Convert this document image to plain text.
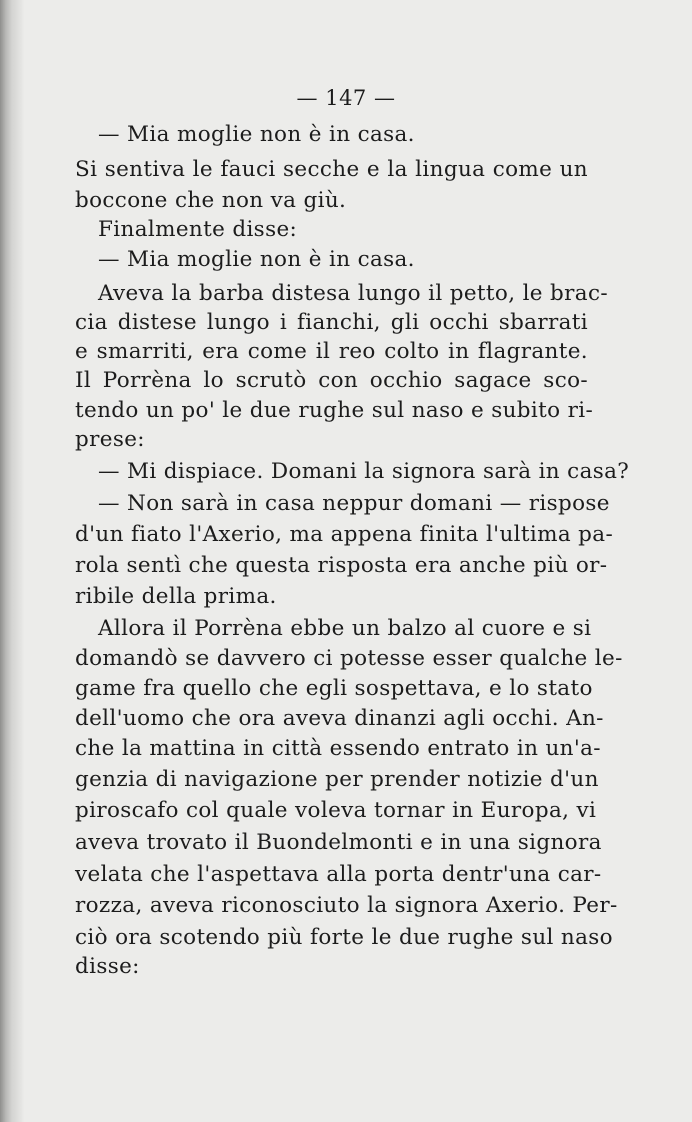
— 147 —
— Mia moglie non è in casa.
Si sentiva le fauci secche e la lingua come un
boccone che non va giù.
Finalmente disse:
— Mia moglie non è in casa.
Aveva la barba distesa lungo il petto, le brac-
cia distese lungo i fianchi, gli occhi sbarrati
e smarriti, era come il reo colto in flagrante.
Il Porrèna lo scrutò con occhio sagace sco-
tendo un po' le due rughe sul naso e subito ri-
prese:
— Mi dispiace. Domani la signora sarà in casa?
— Non sarà in casa neppur domani — rispose
d'un fiato l'Axerio, ma appena finita l'ultima pa-
rola sentì che questa risposta era anche più or-
ribile della prima.
Allora il Porrèna ebbe un balzo al cuore e si
domandò se davvero ci potesse esser qualche le-
game fra quello che egli sospettava, e lo stato
dell'uomo che ora aveva dinanzi agli occhi. An-
che la mattina in città essendo entrato in un'a-
genzia di navigazione per prender notizie d'un
piroscafo col quale voleva tornar in Europa, vi
aveva trovato il Buondelmonti e in una signora
velata che l'aspettava alla porta dentr'una car-
rozza, aveva riconosciuto la signora Axerio. Per-
ciò ora scotendo più forte le due rughe sul naso
disse:
